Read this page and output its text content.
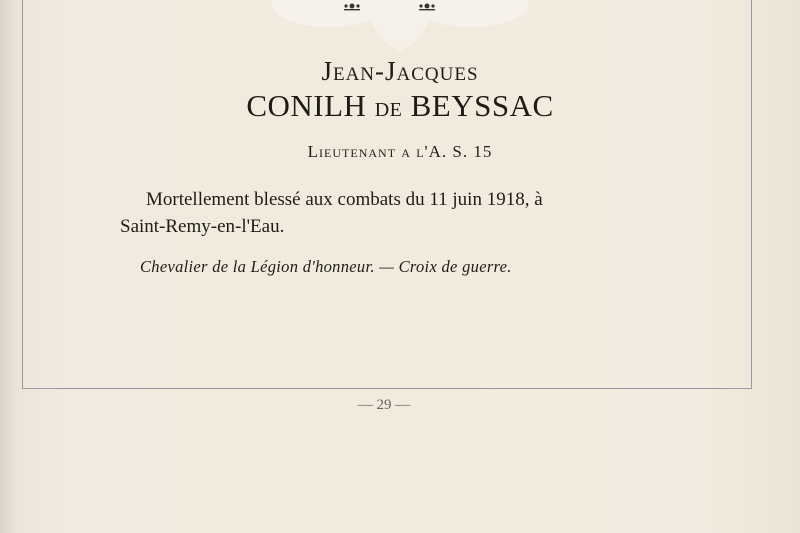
Jean-Jacques
CONILH de BEYSSAC
Lieutenant a l'A. S. 15
Mortellement blessé aux combats du 11 juin 1918, à
Saint-Remy-en-l'Eau.
Chevalier de la Légion d'honneur. — Croix de guerre.
— 29 —
